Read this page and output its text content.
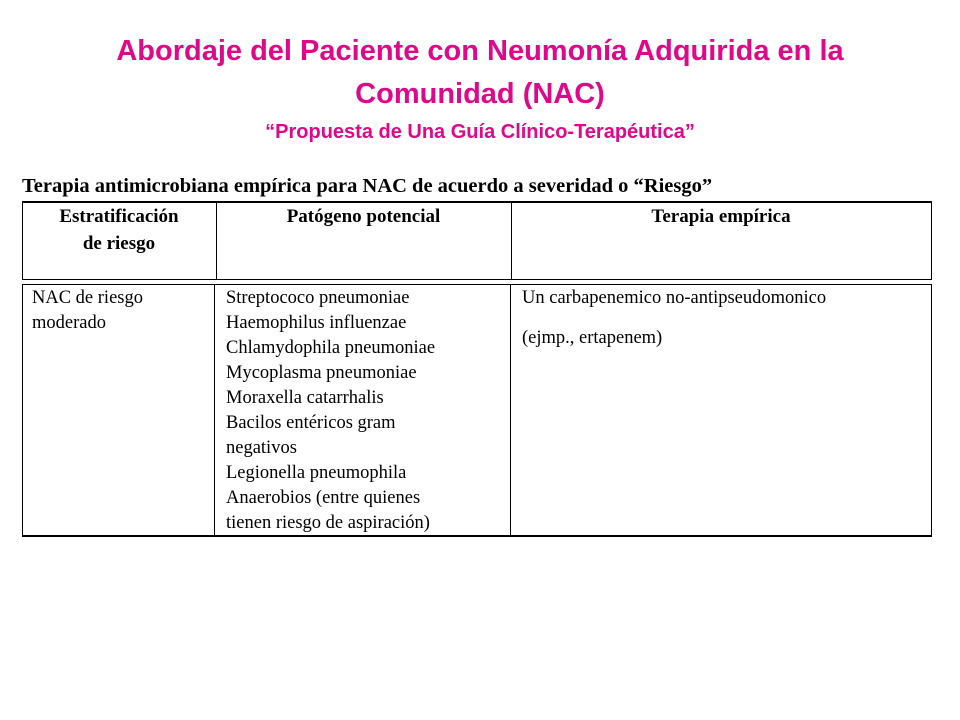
Abordaje del Paciente con Neumonía Adquirida en la
Comunidad (NAC)
“Propuesta de Una Guía Clínico-Terapéutica”
Terapia antimicrobiana empírica para NAC de acuerdo a severidad o “Riesgo”
Estratificación
de riesgo
Patógeno potencial	Terapia empírica
NAC de riesgo
moderado
Streptococo pneumoniae
Haemophilus influenzae
Chlamydophila pneumoniae
Mycoplasma pneumoniae
Moraxella catarrhalis
Bacilos entéricos gram
negativos
Legionella pneumophila
Anaerobios (entre quienes
tienen riesgo de aspiración)
Un carbapenemico no-antipseudomonico
(ejmp., ertapenem)
